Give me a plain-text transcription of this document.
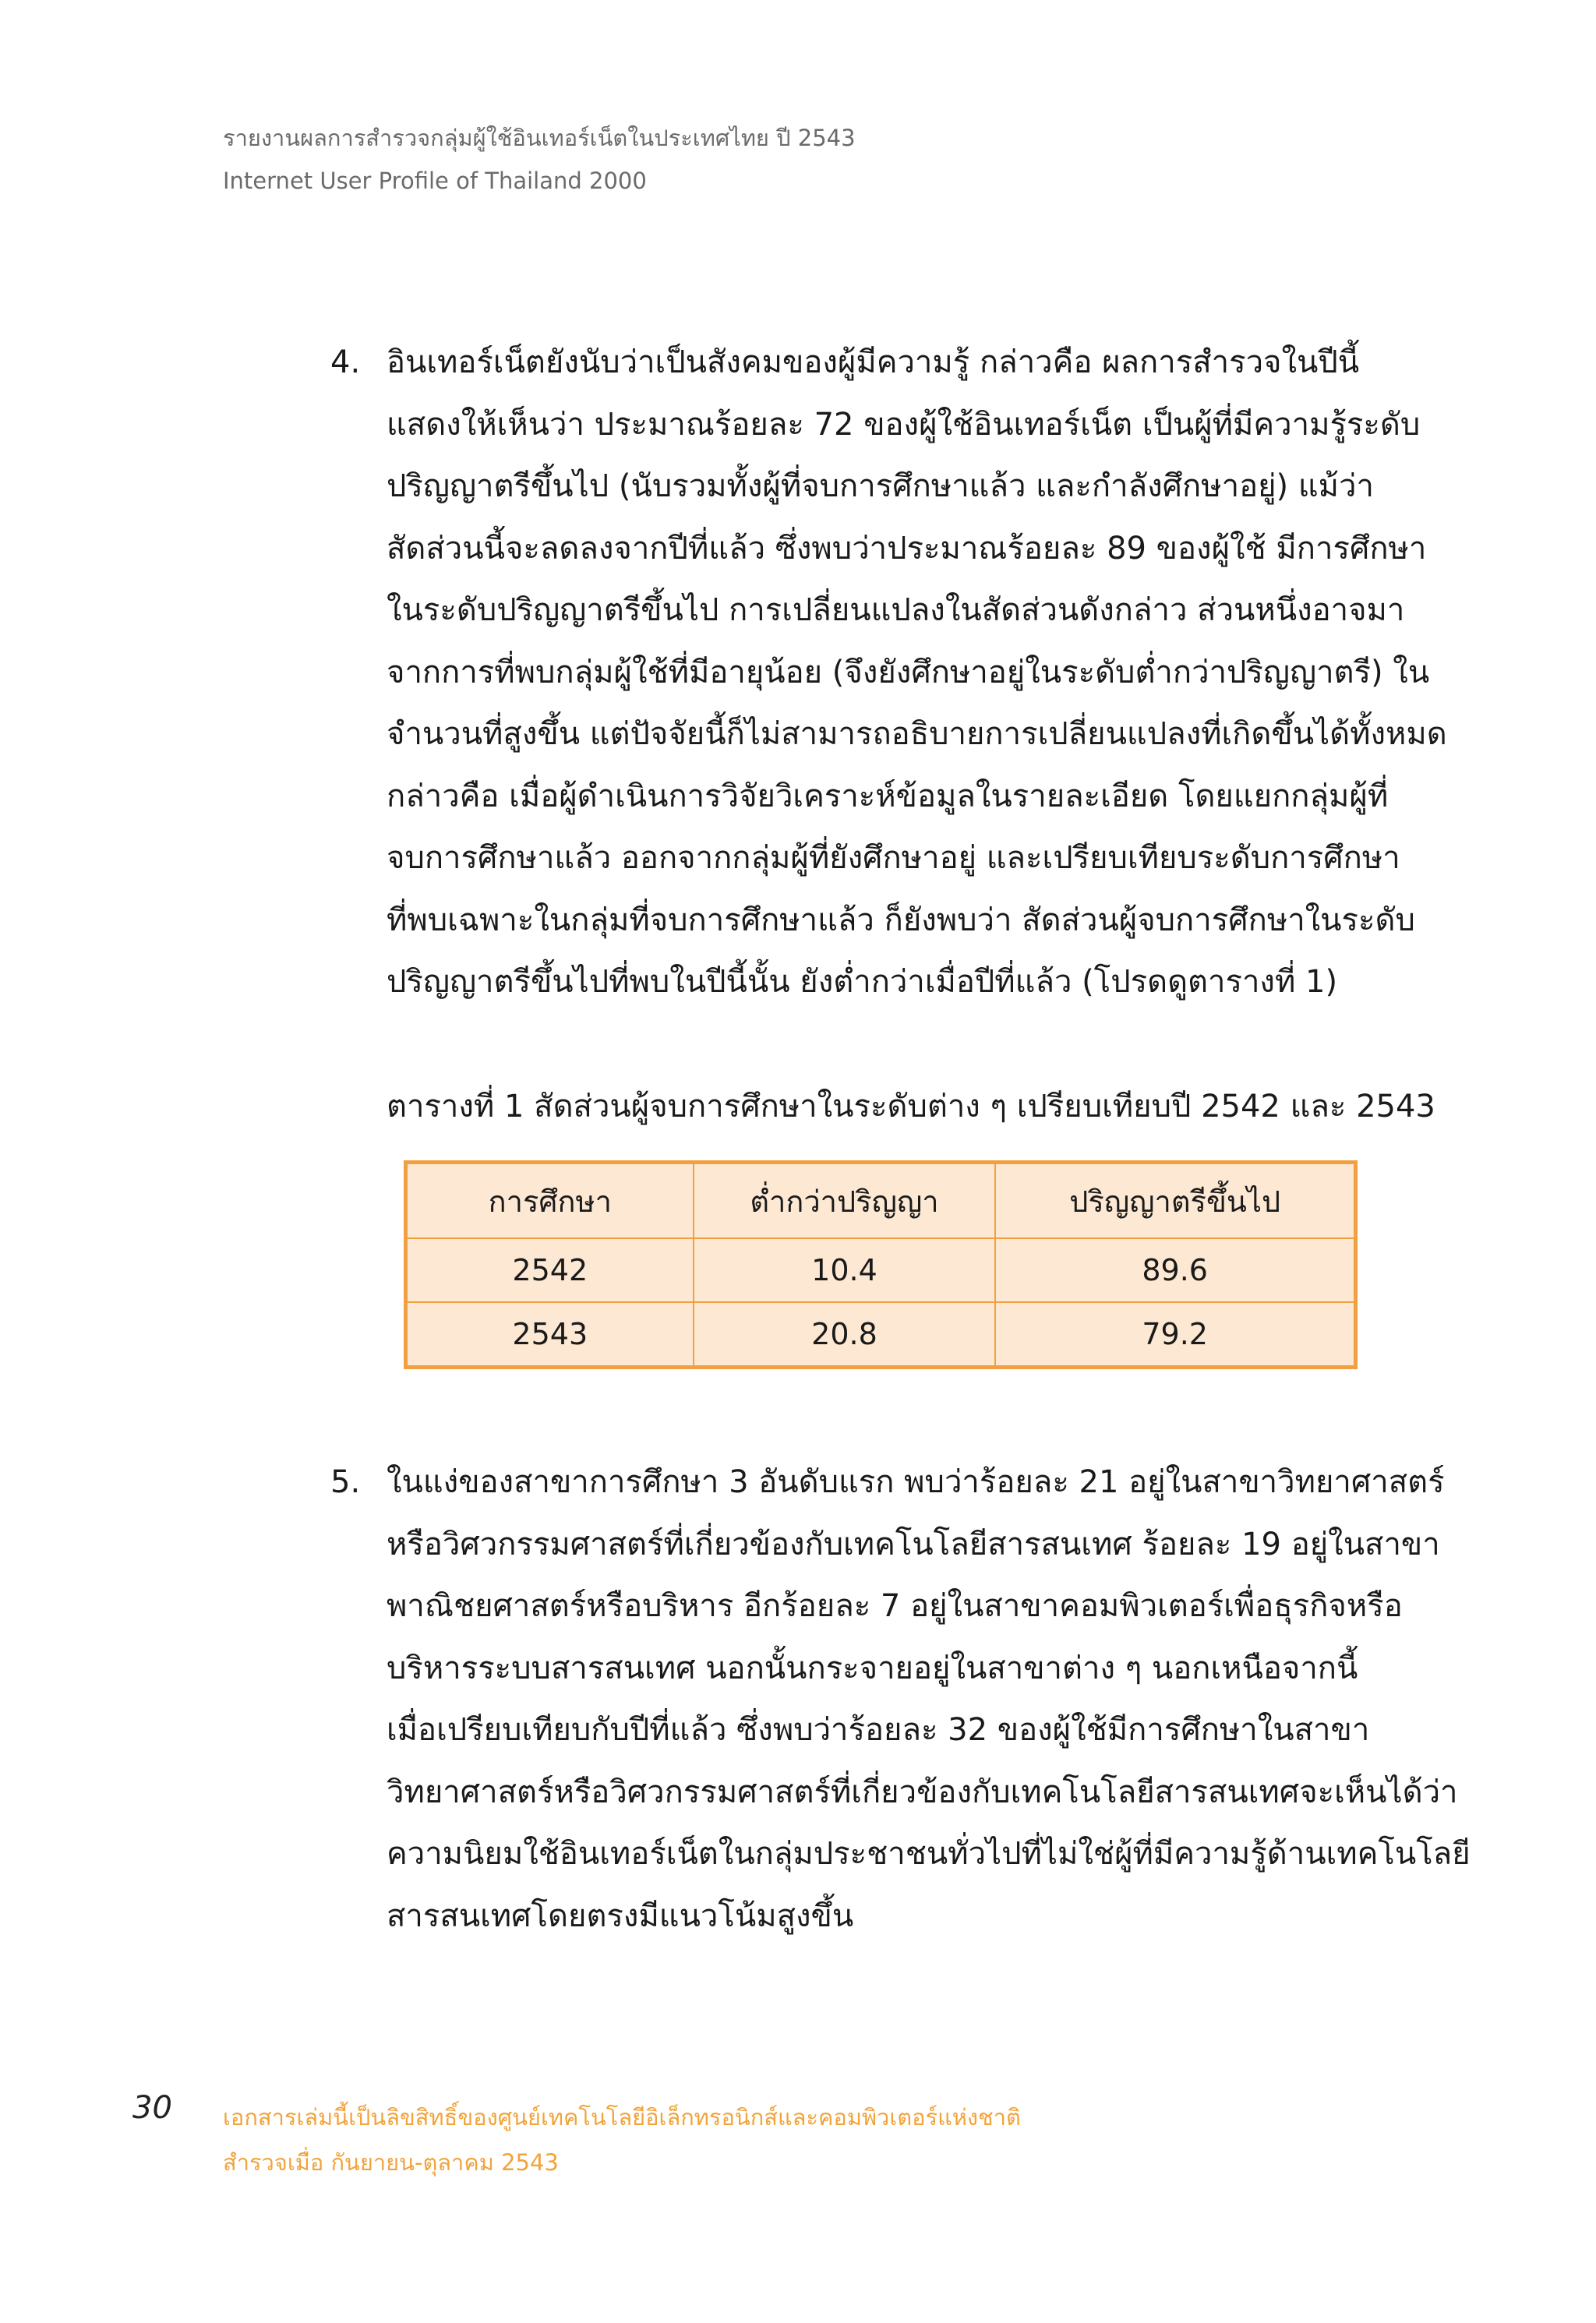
รายงานผลการสำรวจกลุ่มผู้ใช้อินเทอร์เน็ตในประเทศไทย ปี 2543
Internet User Profile of Thailand 2000
4. อินเทอร์เน็ตยังนับว่าเป็นสังคมของผู้มีความรู้ กล่าวคือ ผลการสำรวจในปีนี้

แสดงให้เห็นว่า ประมาณร้อยละ 72 ของผู้ใช้อินเทอร์เน็ต เป็นผู้ที่มีความรู้ระดับ

ปริญญาตรีขึ้นไป (นับรวมทั้งผู้ที่จบการศึกษาแล้ว และกำลังศึกษาอยู่) แม้ว่า

สัดส่วนนี้จะลดลงจากปีที่แล้ว ซึ่งพบว่าประมาณร้อยละ 89 ของผู้ใช้ มีการศึกษา

ในระดับปริญญาตรีขึ้นไป การเปลี่ยนแปลงในสัดส่วนดังกล่าว ส่วนหนึ่งอาจมา

จากการที่พบกลุ่มผู้ใช้ที่มีอายุน้อย (จึงยังศึกษาอยู่ในระดับต่ำกว่าปริญญาตรี) ใน

จำนวนที่สูงขึ้น แต่ปัจจัยนี้ก็ไม่สามารถอธิบายการเปลี่ยนแปลงที่เกิดขึ้นได้ทั้งหมด

กล่าวคือ เมื่อผู้ดำเนินการวิจัยวิเคราะห์ข้อมูลในรายละเอียด โดยแยกกลุ่มผู้ที่

จบการศึกษาแล้ว ออกจากกลุ่มผู้ที่ยังศึกษาอยู่ และเปรียบเทียบระดับการศึกษา

ที่พบเฉพาะในกลุ่มที่จบการศึกษาแล้ว ก็ยังพบว่า สัดส่วนผู้จบการศึกษาในระดับ

ปริญญาตรีขึ้นไปที่พบในปีนี้นั้น ยังต่ำกว่าเมื่อปีที่แล้ว (โปรดดูตารางที่ 1)

ตารางที่ 1 สัดส่วนผู้จบการศึกษาในระดับต่าง ๆ เปรียบเทียบปี 2542 และ 2543
การศึกษา	ต่ำกว่าปริญญา	ปริญญาตรีขึ้นไป
2542	10.4	89.6
2543	20.8	79.2
5. ในแง่ของสาขาการศึกษา 3 อันดับแรก พบว่าร้อยละ 21 อยู่ในสาขาวิทยาศาสตร์

หรือวิศวกรรมศาสตร์ที่เกี่ยวข้องกับเทคโนโลยีสารสนเทศ ร้อยละ 19 อยู่ในสาขา

พาณิชยศาสตร์หรือบริหาร อีกร้อยละ 7 อยู่ในสาขาคอมพิวเตอร์เพื่อธุรกิจหรือ

บริหารระบบสารสนเทศ นอกนั้นกระจายอยู่ในสาขาต่าง ๆ นอกเหนือจากนี้

เมื่อเปรียบเทียบกับปีที่แล้ว ซึ่งพบว่าร้อยละ 32 ของผู้ใช้มีการศึกษาในสาขา

วิทยาศาสตร์หรือวิศวกรรมศาสตร์ที่เกี่ยวข้องกับเทคโนโลยีสารสนเทศจะเห็นได้ว่า

ความนิยมใช้อินเทอร์เน็ตในกลุ่มประชาชนทั่วไปที่ไม่ใช่ผู้ที่มีความรู้ด้านเทคโนโลยี

สารสนเทศโดยตรงมีแนวโน้มสูงขึ้น

30 เอกสารเล่มนี้เป็นลิขสิทธิ์ของศูนย์เทคโนโลยีอิเล็กทรอนิกส์และคอมพิวเตอร์แห่งชาติ
สำรวจเมื่อ กันยายน-ตุลาคม 2543
